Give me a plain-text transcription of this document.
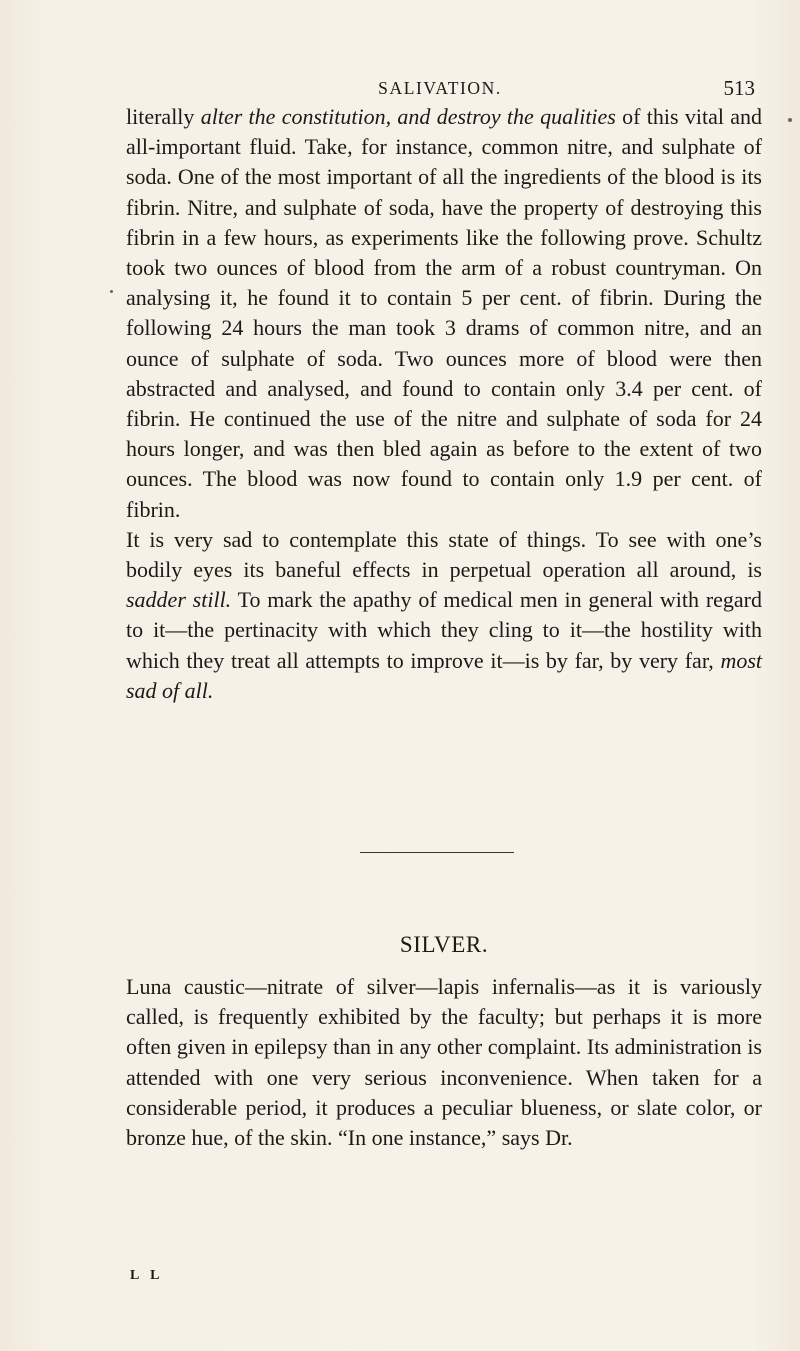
SALIVATION.	513

literally alter the constitution, and destroy the qualities of this vital and all-important fluid. Take, for instance, common nitre, and sulphate of soda. One of the most important of all the ingredients of the blood is its fibrin. Nitre, and sulphate of soda, have the property of destroying this fibrin in a few hours, as experiments like the following prove. Schultz took two ounces of blood from the arm of a robust countryman. On analysing it, he found it to contain 5 per cent. of fibrin. During the following 24 hours the man took 3 drams of common nitre, and an ounce of sulphate of soda. Two ounces more of blood were then abstracted and analysed, and found to contain only 3.4 per cent. of fibrin. He continued the use of the nitre and sulphate of soda for 24 hours longer, and was then bled again as before to the extent of two ounces. The blood was now found to contain only 1.9 per cent. of fibrin.

It is very sad to contemplate this state of things. To see with one’s bodily eyes its baneful effects in perpetual operation all around, is sadder still. To mark the apathy of medical men in general with regard to it—the pertinacity with which they cling to it—the hostility with which they treat all attempts to improve it—is by far, by very far, most sad of all.

SILVER.

Luna caustic—nitrate of silver—lapis infernalis—as it is variously called, is frequently exhibited by the faculty; but perhaps it is more often given in epilepsy than in any other complaint. Its administration is attended with one very serious inconvenience. When taken for a considerable period, it produces a peculiar blueness, or slate color, or bronze hue, of the skin. “In one instance,” says Dr.

L L
